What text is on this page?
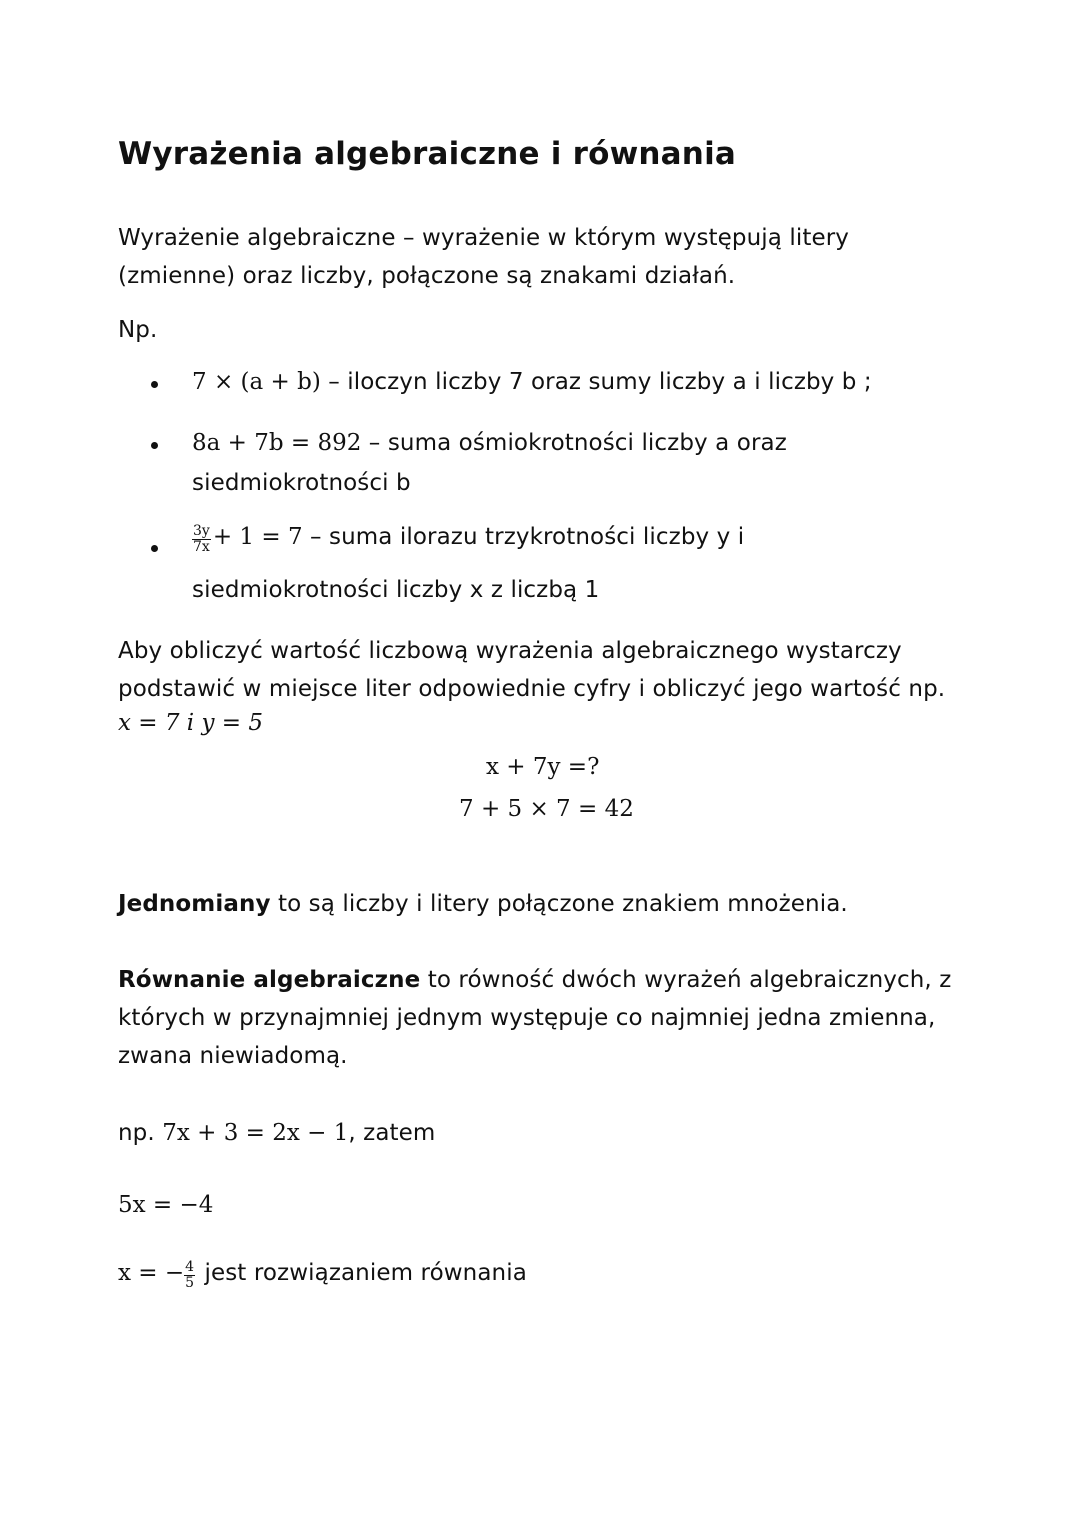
Wyrażenia algebraiczne i równania
Wyrażenie algebraiczne – wyrażenie w którym występują litery
(zmienne) oraz liczby, połączone są znakami działań.
Np.
7 × (a + b) – iloczyn liczby 7 oraz sumy liczby a i liczby b ;
8a + 7b = 892 – suma ośmiokrotności liczby a oraz
siedmiokrotności b
$\frac{3y}{7x} + 1 = 7$ – suma ilorazu trzykrotności liczby y i
siedmiokrotności liczby x z liczbą 1
Aby obliczyć wartość liczbową wyrażenia algebraicznego wystarczy
podstawić w miejsce liter odpowiednie cyfry i obliczyć jego wartość np.
x = 7 i y = 5
x + 7y =?
7 + 5 × 7 = 42
Jednomiany to są liczby i litery połączone znakiem mnożenia.
Równanie algebraiczne to równość dwóch wyrażeń algebraicznych, z
których w przynajmniej jednym występuje co najmniej jedna zmienna,
zwana niewiadomą.
np. 7x + 3 = 2x − 1, zatem
5x = −4
x = − $\frac{4}{5}$ jest rozwiązaniem równania
